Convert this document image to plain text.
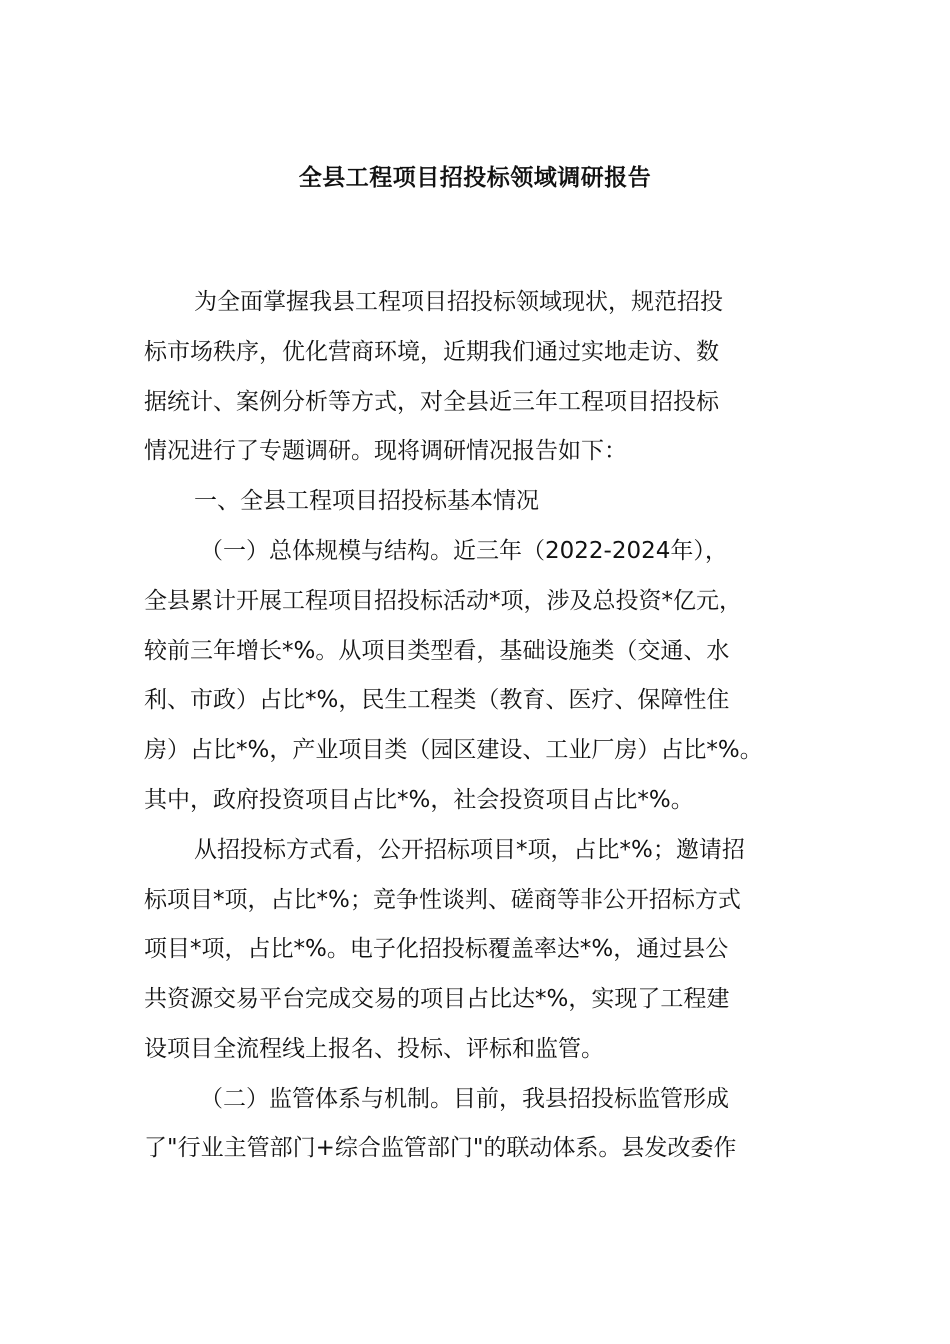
全县工程项目招投标领域调研报告
为全面掌握我县工程项目招投标领域现状，规范招投
标市场秩序，优化营商环境，近期我们通过实地走访、数
据统计、案例分析等方式，对全县近三年工程项目招投标
情况进行了专题调研。现将调研情况报告如下：
一、全县工程项目招投标基本情况
（一）总体规模与结构。近三年（2022-2024年），
全县累计开展工程项目招投标活动*项，涉及总投资*亿元，
较前三年增长*%。从项目类型看，基础设施类（交通、水
利、市政）占比*%，民生工程类（教育、医疗、保障性住
房）占比*%，产业项目类（园区建设、工业厂房）占比*%。
其中，政府投资项目占比*%，社会投资项目占比*%。
从招投标方式看，公开招标项目*项，占比*%；邀请招
标项目*项，占比*%；竞争性谈判、磋商等非公开招标方式
项目*项，占比*%。电子化招投标覆盖率达*%，通过县公
共资源交易平台完成交易的项目占比达*%，实现了工程建
设项目全流程线上报名、投标、评标和监管。
（二）监管体系与机制。目前，我县招投标监管形成
了"行业主管部门+综合监管部门"的联动体系。县发改委作
